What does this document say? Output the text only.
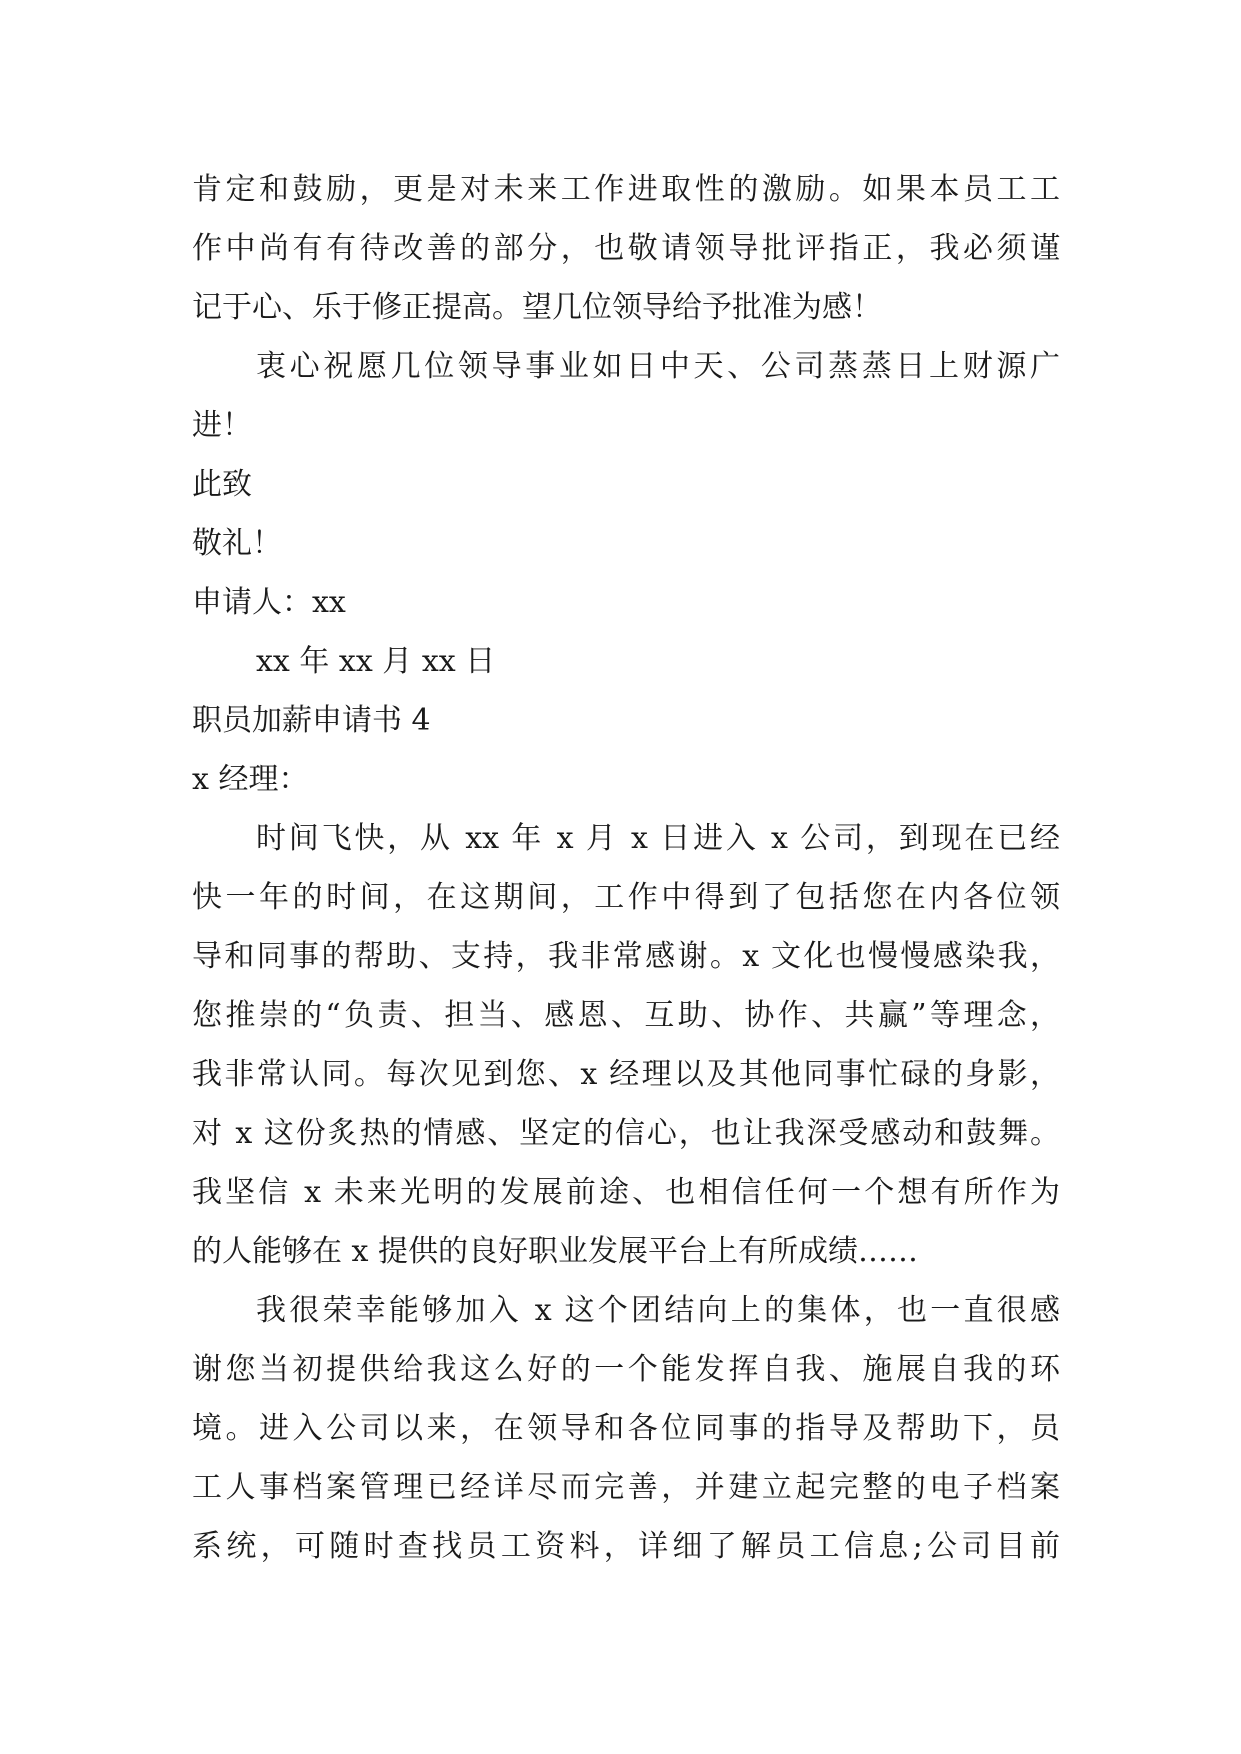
肯定和鼓励，更是对未来工作进取性的激励。如果本员工工
作中尚有有待改善的部分，也敬请领导批评指正，我必须谨
记于心、乐于修正提高。望几位领导给予批准为感！
衷心祝愿几位领导事业如日中天、公司蒸蒸日上财源广
进！
此致
敬礼！
申请人：xx
xx 年 xx 月 xx 日
职员加薪申请书 4
x 经理：
时间飞快，从 xx 年 x 月 x 日进入 x 公司，到现在已经
快一年的时间，在这期间，工作中得到了包括您在内各位领
导和同事的帮助、支持，我非常感谢。x 文化也慢慢感染我，
您推崇的“负责、担当、感恩、互助、协作、共赢”等理念，
我非常认同。每次见到您、x 经理以及其他同事忙碌的身影，
对 x 这份炙热的情感、坚定的信心，也让我深受感动和鼓舞。
我坚信 x 未来光明的发展前途、也相信任何一个想有所作为
的人能够在 x 提供的良好职业发展平台上有所成绩……
我很荣幸能够加入 x 这个团结向上的集体，也一直很感
谢您当初提供给我这么好的一个能发挥自我、施展自我的环
境。进入公司以来，在领导和各位同事的指导及帮助下，员
工人事档案管理已经详尽而完善，并建立起完整的电子档案
系统，可随时查找员工资料，详细了解员工信息;公司目前
